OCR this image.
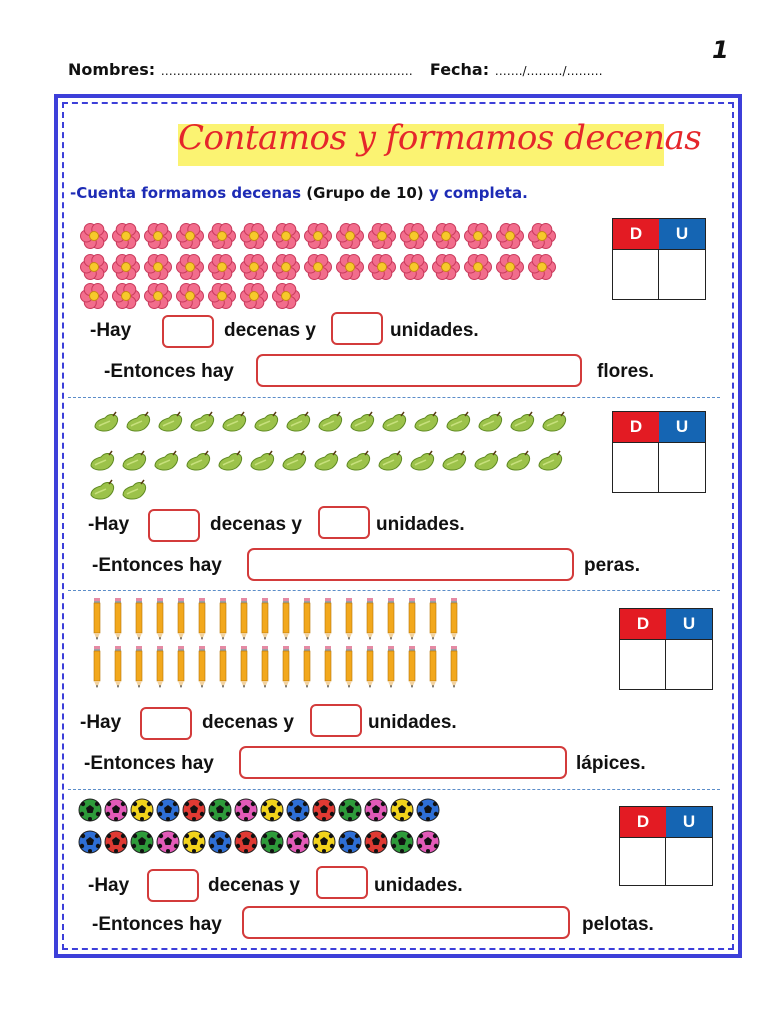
1
Nombres: ……………………………………………………… Fecha: ……./………/………
Contamos y formamos decenas
-Cuenta formamos decenas (Grupo de 10) y completa.
D	U
-Hay	decenas y	unidades.
-Entonces hay	flores.
D	U
-Hay	decenas y	unidades.
-Entonces hay	peras.
D	U
-Hay	decenas y	unidades.
-Entonces hay	lápices.
D	U
-Hay	decenas y	unidades.
-Entonces hay	pelotas.
